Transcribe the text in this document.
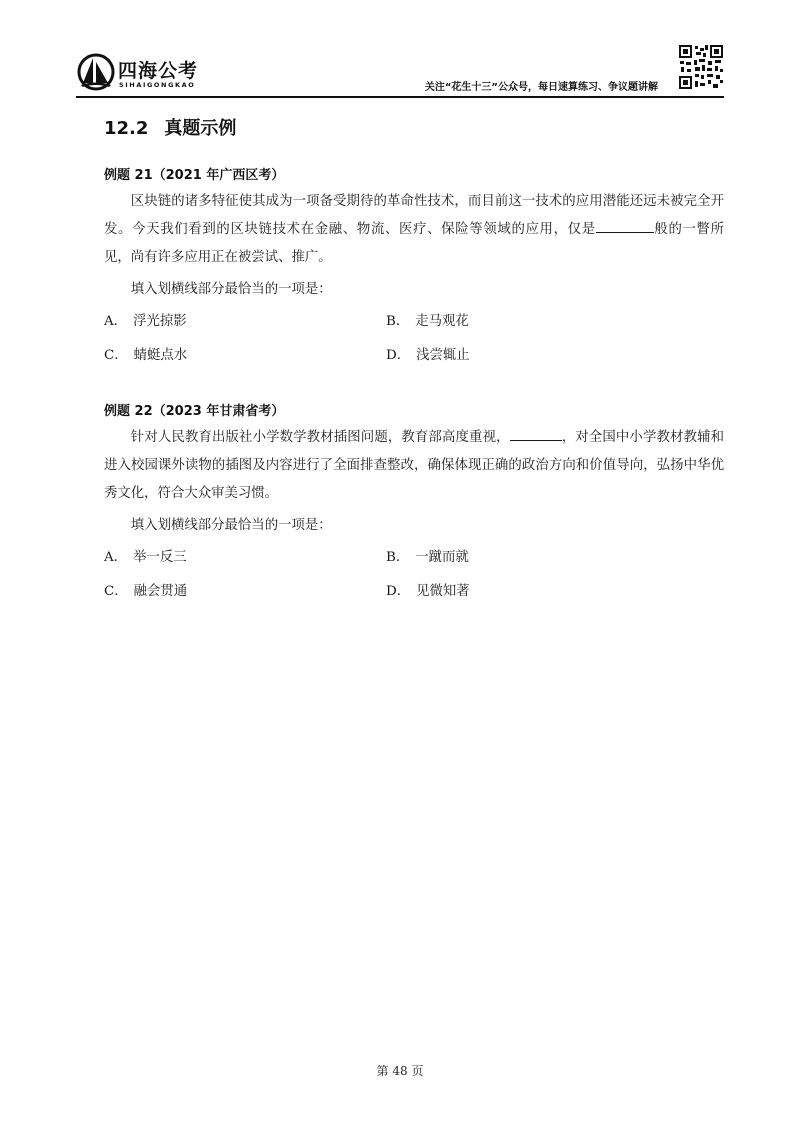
四海公考
SIHAIGONGKAO	关注“花生十三”公众号，每日速算练习、争议题讲解
12.2 真题示例
例题 21（2021 年广西区考）

区块链的诸多特征使其成为一项备受期待的革命性技术，而目前这一技术的应用潜能还远未被完全开发。今天我们看到的区块链技术在金融、物流、医疗、保险等领域的应用，仅是	般的一瞥所见，尚有许多应用正在被尝试、推广。

填入划横线部分最恰当的一项是：

A． 浮光掠影	B． 走马观花
C． 蜻蜓点水	D． 浅尝辄止
例题 22（2023 年甘肃省考）

针对人民教育出版社小学数学教材插图问题，教育部高度重视，	，对全国中小学教材教辅和进入校园课外读物的插图及内容进行了全面排查整改，确保体现正确的政治方向和价值导向，弘扬中华优秀文化，符合大众审美习惯。

填入划横线部分最恰当的一项是：

A． 举一反三	B． 一蹴而就
C． 融会贯通	D． 见微知著
第 48 页
